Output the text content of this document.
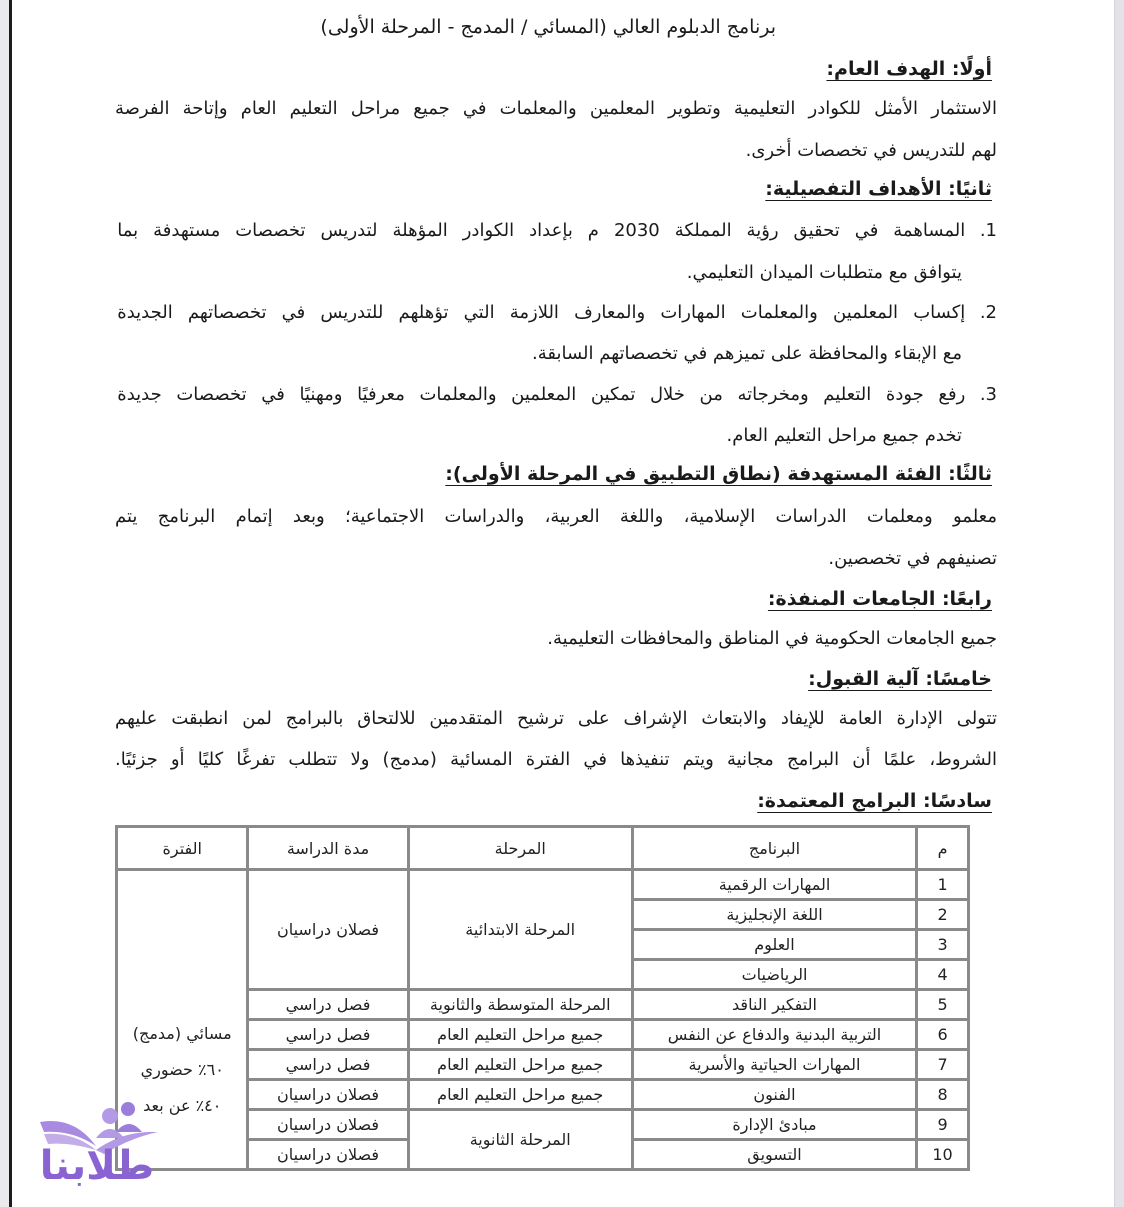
برنامج الدبلوم العالي (المسائي / المدمج - المرحلة الأولى)
أولًا: الهدف العام:
الاستثمار الأمثل للكوادر التعليمية وتطوير المعلمين والمعلمات في جميع مراحل التعليم العام وإتاحة الفرصة
لهم للتدريس في تخصصات أخرى.
ثانيًا: الأهداف التفصيلية:
1. المساهمة في تحقيق رؤية المملكة 2030 م بإعداد الكوادر المؤهلة لتدريس تخصصات مستهدفة بما
يتوافق مع متطلبات الميدان التعليمي.
2. إكساب المعلمين والمعلمات المهارات والمعارف اللازمة التي تؤهلهم للتدريس في تخصصاتهم الجديدة
مع الإبقاء والمحافظة على تميزهم في تخصصاتهم السابقة.
3. رفع جودة التعليم ومخرجاته من خلال تمكين المعلمين والمعلمات معرفيًا ومهنيًا في تخصصات جديدة
تخدم جميع مراحل التعليم العام.
ثالثًا: الفئة المستهدفة (نطاق التطبيق في المرحلة الأولى):
معلمو ومعلمات الدراسات الإسلامية، واللغة العربية، والدراسات الاجتماعية؛ وبعد إتمام البرنامج يتم
تصنيفهم في تخصصين.
رابعًا: الجامعات المنفذة:
جميع الجامعات الحكومية في المناطق والمحافظات التعليمية.
خامسًا: آلية القبول:
تتولى الإدارة العامة للإيفاد والابتعاث الإشراف على ترشيح المتقدمين للالتحاق بالبرامج لمن انطبقت عليهم
الشروط، علمًا أن البرامج مجانية ويتم تنفيذها في الفترة المسائية (مدمج) ولا تتطلب تفرغًا كليًا أو جزئيًا.
سادسًا: البرامج المعتمدة:
م	البرنامج	المرحلة	مدة الدراسة	الفترة
1	المهارات الرقمية	المرحلة الابتدائية	فصلان دراسيان	مسائي (مدمج)
٦٠٪ حضوري
٤٠٪ عن بعد

2	اللغة الإنجليزية			
3	العلوم			
4	الرياضيات			
5	التفكير الناقد	المرحلة المتوسطة والثانوية	فصل دراسي	
6	التربية البدنية والدفاع عن النفس	جميع مراحل التعليم العام	فصل دراسي	
7	المهارات الحياتية والأسرية	جميع مراحل التعليم العام	فصل دراسي	
8	الفنون	جميع مراحل التعليم العام	فصلان دراسيان	
9	مبادئ الإدارة	المرحلة الثانوية	فصلان دراسيان	
10	التسويق		فصلان دراسيان	
طلابنا
